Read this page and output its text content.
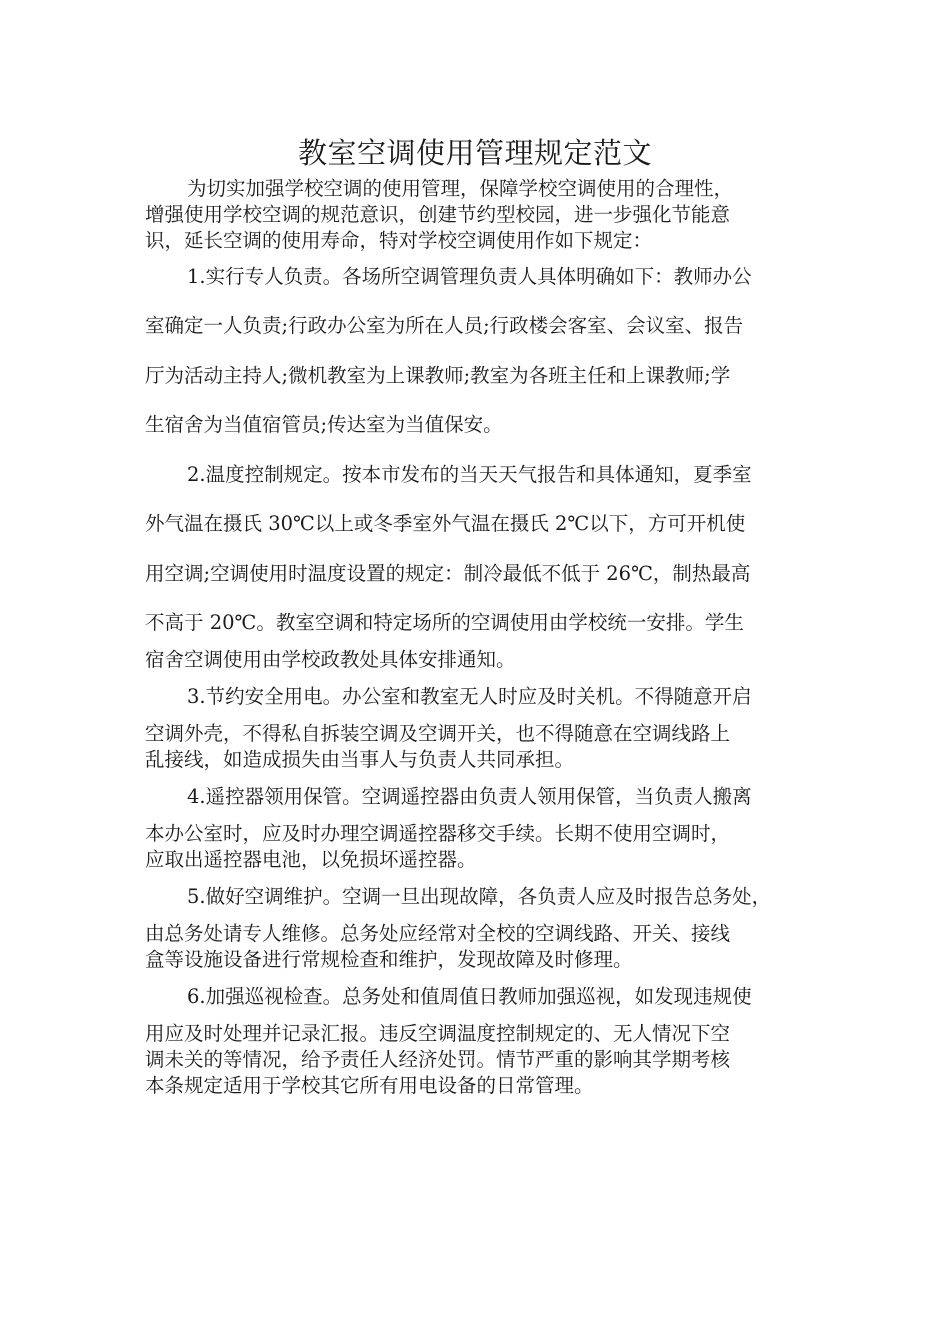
教室空调使用管理规定范文
为切实加强学校空调的使用管理，保障学校空调使用的合理性，
增强使用学校空调的规范意识，创建节约型校园，进一步强化节能意
识，延长空调的使用寿命，特对学校空调使用作如下规定：
1.实行专人负责。各场所空调管理负责人具体明确如下：教师办公
室确定一人负责;行政办公室为所在人员;行政楼会客室、会议室、报告
厅为活动主持人;微机教室为上课教师;教室为各班主任和上课教师;学
生宿舍为当值宿管员;传达室为当值保安。
2.温度控制规定。按本市发布的当天天气报告和具体通知，夏季室
外气温在摄氏 30℃以上或冬季室外气温在摄氏 2℃以下，方可开机使
用空调;空调使用时温度设置的规定：制冷最低不低于 26℃，制热最高
不高于 20℃。教室空调和特定场所的空调使用由学校统一安排。学生
宿舍空调使用由学校政教处具体安排通知。
3.节约安全用电。办公室和教室无人时应及时关机。不得随意开启
空调外壳，不得私自拆装空调及空调开关，也不得随意在空调线路上
乱接线，如造成损失由当事人与负责人共同承担。
4.遥控器领用保管。空调遥控器由负责人领用保管，当负责人搬离
本办公室时，应及时办理空调遥控器移交手续。长期不使用空调时，
应取出遥控器电池，以免损坏遥控器。
5.做好空调维护。空调一旦出现故障，各负责人应及时报告总务处，
由总务处请专人维修。总务处应经常对全校的空调线路、开关、接线
盒等设施设备进行常规检查和维护，发现故障及时修理。
6.加强巡视检查。总务处和值周值日教师加强巡视，如发现违规使
用应及时处理并记录汇报。违反空调温度控制规定的、无人情况下空
调未关的等情况，给予责任人经济处罚。情节严重的影响其学期考核
本条规定适用于学校其它所有用电设备的日常管理。
